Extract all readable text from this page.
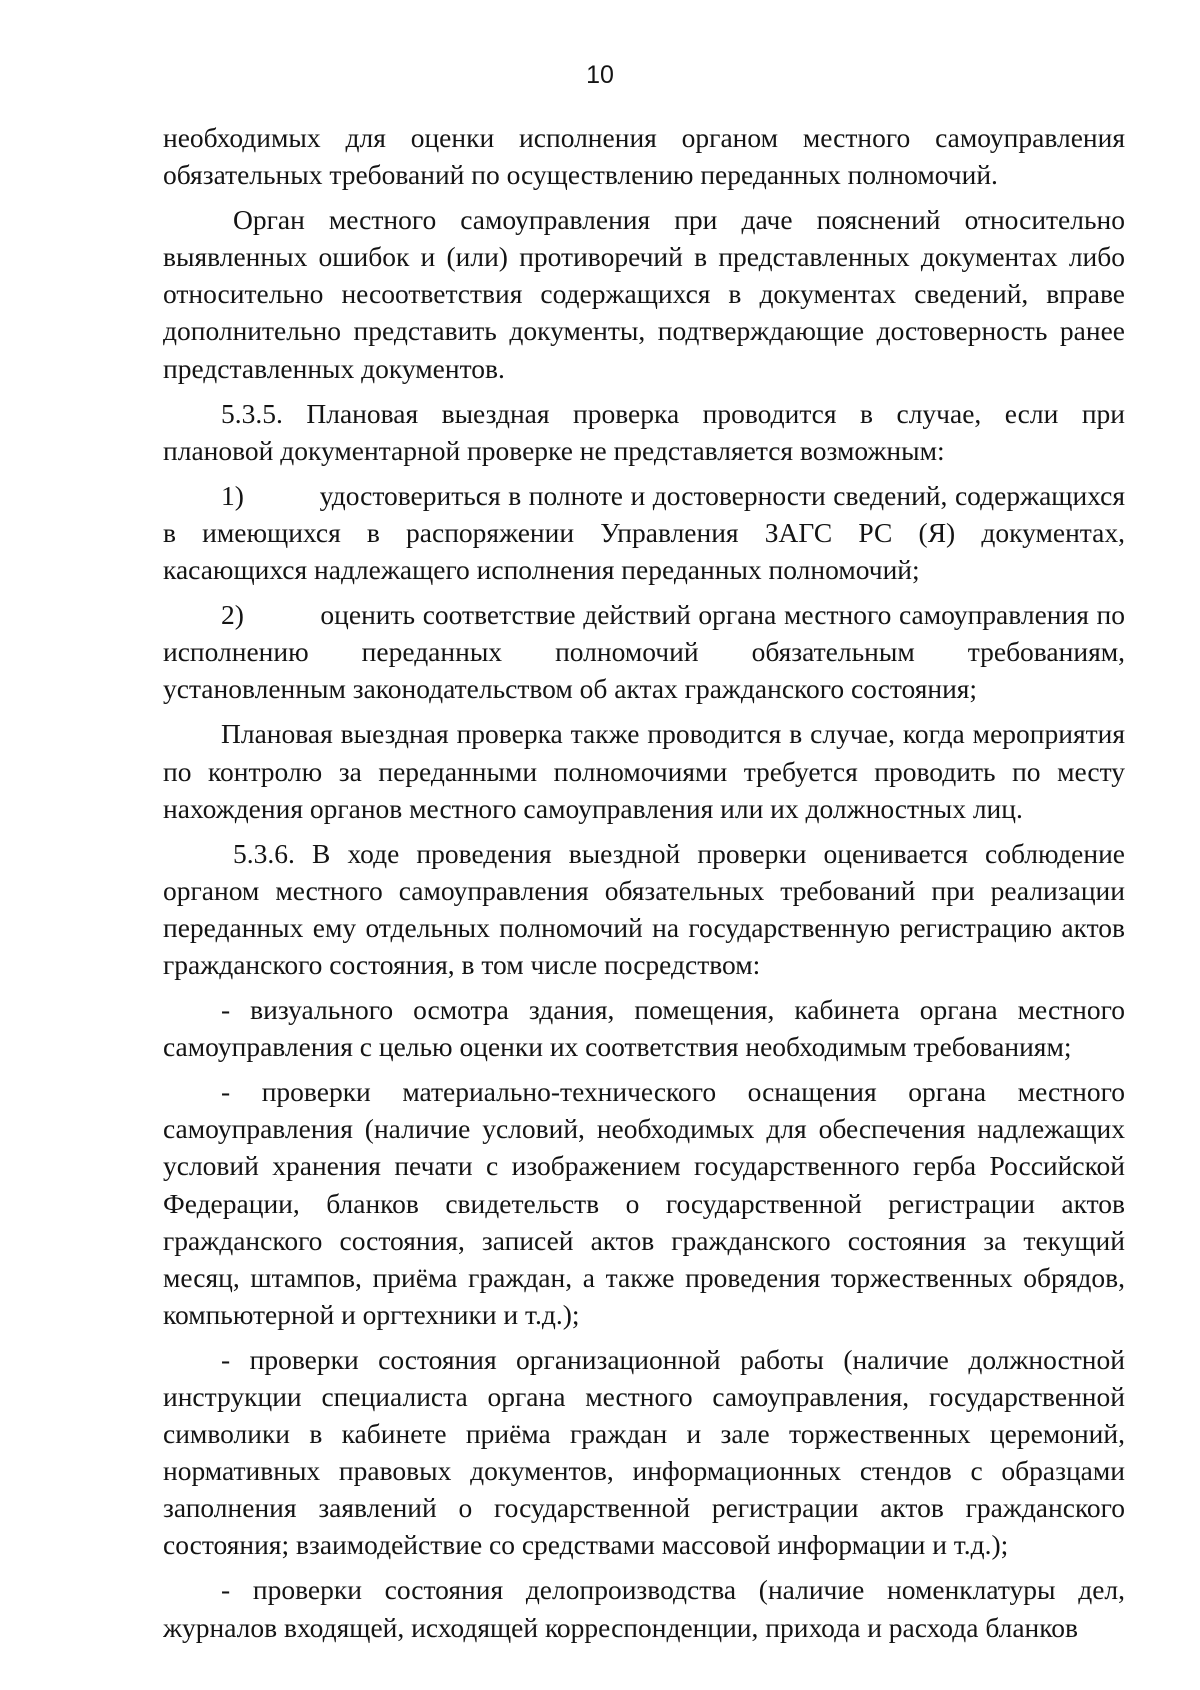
10
необходимых для оценки исполнения органом местного самоуправления
обязательных требований по осуществлению переданных полномочий.
Орган местного самоуправления при даче пояснений относительно
выявленных ошибок и (или) противоречий в представленных документах либо
относительно несоответствия содержащихся в документах сведений, вправе
дополнительно представить документы, подтверждающие достоверность ранее
представленных документов.
5.3.5. Плановая выездная проверка проводится в случае, если при
плановой документарной проверке не представляется возможным:
1)          удостовериться в полноте и достоверности сведений, содержащихся
в имеющихся в распоряжении Управления ЗАГС РС (Я) документах,
касающихся надлежащего исполнения переданных полномочий;
2)          оценить соответствие действий органа местного самоуправления по
исполнению переданных полномочий обязательным требованиям,
установленным законодательством об актах гражданского состояния;
Плановая выездная проверка также проводится в случае, когда мероприятия
по контролю за переданными полномочиями требуется проводить по месту
нахождения органов местного самоуправления или их должностных лиц.
5.3.6. В ходе проведения выездной проверки оценивается соблюдение
органом местного самоуправления обязательных требований при реализации
переданных ему отдельных полномочий на государственную регистрацию актов
гражданского состояния, в том числе посредством:
- визуального осмотра здания, помещения, кабинета органа местного
самоуправления с целью оценки их соответствия необходимым требованиям;
- проверки материально-технического оснащения органа местного
самоуправления (наличие условий, необходимых для обеспечения надлежащих
условий хранения печати с изображением государственного герба Российской
Федерации, бланков свидетельств о государственной регистрации актов
гражданского состояния, записей актов гражданского состояния за текущий
месяц, штампов, приёма граждан, а также проведения торжественных обрядов,
компьютерной и оргтехники и т.д.);
- проверки состояния организационной работы (наличие должностной
инструкции специалиста органа местного самоуправления, государственной
символики в кабинете приёма граждан и зале торжественных церемоний,
нормативных правовых документов, информационных стендов с образцами
заполнения заявлений о государственной регистрации актов гражданского
состояния; взаимодействие со средствами массовой информации и т.д.);
- проверки состояния делопроизводства (наличие номенклатуры дел,
журналов входящей, исходящей корреспонденции, прихода и расхода бланков
